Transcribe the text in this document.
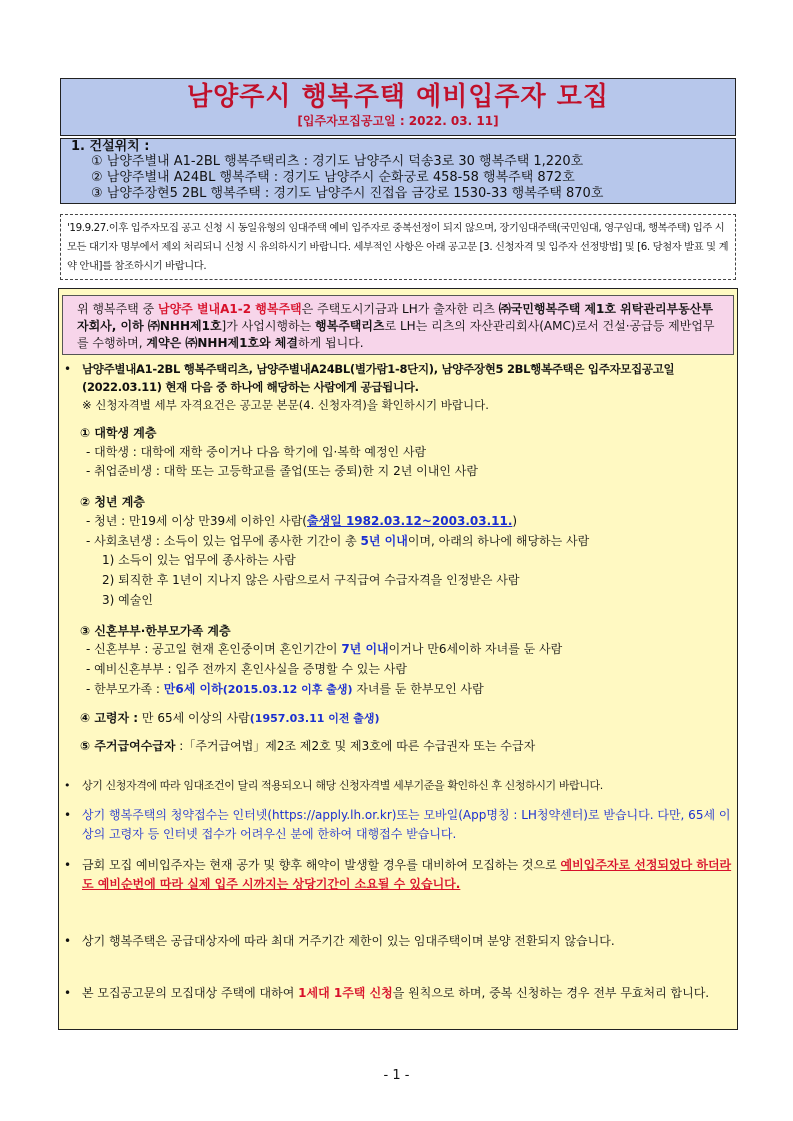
남양주시 행복주택 예비입주자 모집
[입주자모집공고일 : 2022. 03. 11]
1. 건설위치 :
① 남양주별내 A1-2BL 행복주택리츠 : 경기도 남양주시 덕송3로 30 행복주택 1,220호
② 남양주별내 A24BL 행복주택 : 경기도 남양주시 순화궁로 458-58 행복주택 872호
③ 남양주장현5 2BL 행복주택 : 경기도 남양주시 진접읍 금강로 1530-33 행복주택 870호
'19.9.27.이후 입주자모집 공고 신청 시 동일유형의 임대주택 예비 입주자로 중복선정이 되지 않으며, 장기임대주택(국민임대, 영구임대, 행복주택) 입주 시 모든 대기자 명부에서 제외 처리되니 신청 시 유의하시기 바랍니다. 세부적인 사항은 아래 공고문 [3. 신청자격 및 입주자 선정방법] 및 [6. 당첨자 발표 및 계약 안내]를 참조하시기 바랍니다.
위 행복주택 중 남양주 별내A1-2 행복주택은 주택도시기금과 LH가 출자한 리츠 ㈜국민행복주택 제1호 위탁관리부동산투자회사, 이하 ㈜NHH제1호]가 사업시행하는 행복주택리츠로 LH는 리츠의 자산관리회사(AMC)로서 건설·공급등 제반업무를 수행하며, 계약은 ㈜NHH제1호와 체결하게 됩니다.
• 남양주별내A1-2BL 행복주택리츠, 남양주별내A24BL(별가람1-8단지), 남양주장현5 2BL행복주택은 입주자모집공고일(2022.03.11) 현재 다음 중 하나에 해당하는 사람에게 공급됩니다.
※ 신청자격별 세부 자격요건은 공고문 본문(4. 신청자격)을 확인하시기 바랍니다.
① 대학생 계층
- 대학생 : 대학에 재학 중이거나 다음 학기에 입·복학 예정인 사람
- 취업준비생 : 대학 또는 고등학교를 졸업(또는 중퇴)한 지 2년 이내인 사람
② 청년 계층
- 청년 : 만19세 이상 만39세 이하인 사람(출생일 1982.03.12~2003.03.11.)
- 사회초년생 : 소득이 있는 업무에 종사한 기간이 총 5년 이내이며, 아래의 하나에 해당하는 사람
1) 소득이 있는 업무에 종사하는 사람
2) 퇴직한 후 1년이 지나지 않은 사람으로서 구직급여 수급자격을 인정받은 사람
3) 예술인
③ 신혼부부·한부모가족 계층
- 신혼부부 : 공고일 현재 혼인중이며 혼인기간이 7년 이내이거나 만6세이하 자녀를 둔 사람
- 예비신혼부부 : 입주 전까지 혼인사실을 증명할 수 있는 사람
- 한부모가족 : 만6세 이하(2015.03.12 이후 출생) 자녀를 둔 한부모인 사람
④ 고령자 : 만 65세 이상의 사람(1957.03.11 이전 출생)
⑤ 주거급여수급자 :「주거급여법」제2조 제2호 및 제3호에 따른 수급권자 또는 수급자
•	상기 신청자격에 따라 임대조건이 달리 적용되오니 해당 신청자격별 세부기준을 확인하신 후 신청하시기 바랍니다.
• 상기 행복주택의 청약접수는 인터넷(https://apply.lh.or.kr)또는 모바일(App명칭 : LH청약센터)로 받습니다. 다만, 65세 이상의 고령자 등 인터넷 접수가 어려우신 분에 한하여 대행접수 받습니다.
• 금회 모집 예비입주자는 현재 공가 및 향후 해약이 발생할 경우를 대비하여 모집하는 것으로 예비입주자로 선정되었다 하더라도 예비순번에 따라 실제 입주 시까지는 상당기간이 소요될 수 있습니다.
• 상기 행복주택은 공급대상자에 따라 최대 거주기간 제한이 있는 임대주택이며 분양 전환되지 않습니다.
• 본 모집공고문의 모집대상 주택에 대하여 1세대 1주택 신청을 원칙으로 하며, 중복 신청하는 경우 전부 무효처리 합니다.
- 1 -
